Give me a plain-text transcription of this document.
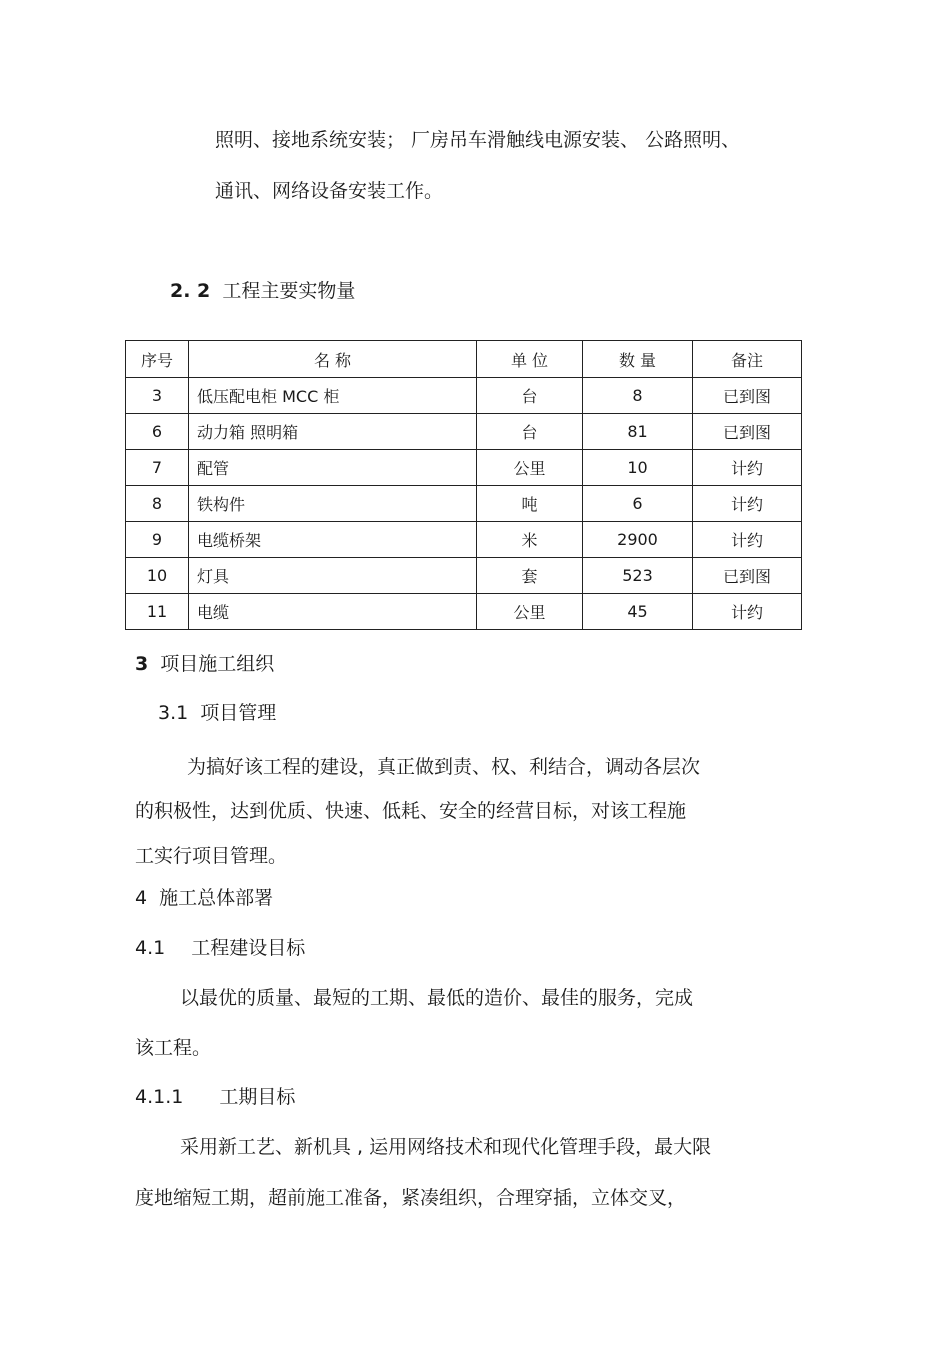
照明、接地系统安装； 厂房吊车滑触线电源安装、 公路照明、
通讯、网络设备安装工作。
2. 2 工程主要实物量
序号	名 称	单 位	数 量	备注
3	低压配电柜 MCC 柜	台	8	已到图
6	动力箱 照明箱	台	81	已到图
7	配管	公里	10	计约
8	铁构件	吨	6	计约
9	电缆桥架	米	2900	计约
10	灯具	套	523	已到图
11	电缆	公里	45	计约
3 项目施工组织
3.1 项目管理
为搞好该工程的建设，真正做到责、权、利结合，调动各层次
的积极性，达到优质、快速、低耗、安全的经营目标，对该工程施
工实行项目管理。
4 施工总体部署
4.1 工程建设目标
以最优的质量、最短的工期、最低的造价、最佳的服务，完成
该工程。
4.1.1 工期目标
采用新工艺、新机具 , 运用网络技术和现代化管理手段，最大限
度地缩短工期，超前施工准备，紧凑组织，合理穿插，立体交叉，
